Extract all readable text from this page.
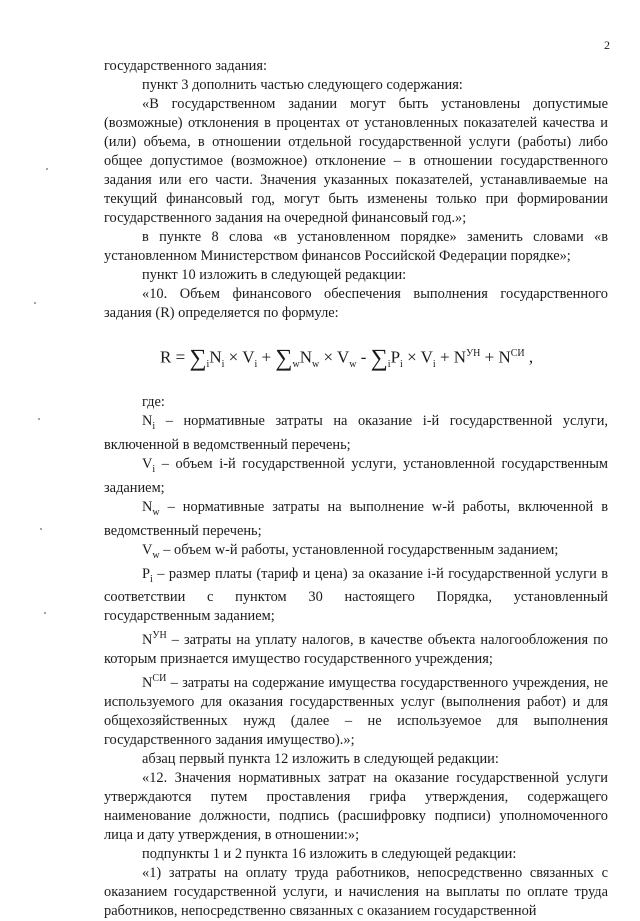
2

государственного задания:

пункт 3 дополнить частью следующего содержания:

«В государственном задании могут быть установлены допустимые (возможные) отклонения в процентах от установленных показателей качества и (или) объема, в отношении отдельной государственной услуги (работы) либо общее допустимое (возможное) отклонение – в отношении государственного задания или его части. Значения указанных показателей, устанавливаемые на текущий финансовый год, могут быть изменены только при формировании государственного задания на очередной финансовый год.»;

в пункте 8 слова «в установленном порядке» заменить словами «в установленном Министерством финансов Российской Федерации порядке»;

пункт 10 изложить в следующей редакции:

«10. Объем финансового обеспечения выполнения государственного задания (R) определяется по формуле:

$R = \sum_iN_i \times V_i + \sum_wN_w \times V_w - \sum_iP_i \times V_i + N^{УН} + N^{СИ}$ ,

где:

$N_i$ – нормативные затраты на оказание i-й государственной услуги, включенной в ведомственный перечень;

$V_i$ – объем i-й государственной услуги, установленной государственным заданием;

$N_w$ – нормативные затраты на выполнение w-й работы, включенной в ведомственный перечень;

$V_w$ – объем w-й работы, установленной государственным заданием;

$P_i$ – размер платы (тариф и цена) за оказание i-й государственной услуги в соответствии с пунктом 30 настоящего Порядка, установленный государственным заданием;

$N^{УН}$ – затраты на уплату налогов, в качестве объекта налогообложения по которым признается имущество государственного учреждения;

$N^{СИ}$ – затраты на содержание имущества государственного учреждения, не используемого для оказания государственных услуг (выполнения работ) и для общехозяйственных нужд (далее – не используемое для выполнения государственного задания имущество).»;

абзац первый пункта 12 изложить в следующей редакции:

«12. Значения нормативных затрат на оказание государственной услуги утверждаются путем проставления грифа утверждения, содержащего наименование должности, подпись (расшифровку подписи) уполномоченного лица и дату утверждения, в отношении:»;

подпункты 1 и 2 пункта 16 изложить в следующей редакции:

«1) затраты на оплату труда работников, непосредственно связанных с оказанием государственной услуги, и начисления на выплаты по оплате труда работников, непосредственно связанных с оказанием государственной
